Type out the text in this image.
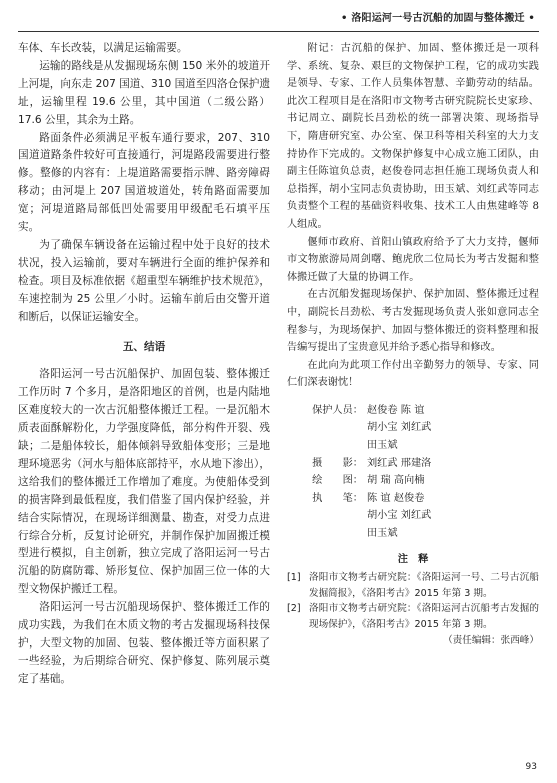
• 洛阳运河一号古沉船的加固与整体搬迁 •

车体、车长改装，以满足运输需要。

运输的路线是从发掘现场东侧 150 米外的坡道开上河堤，向东走 207 国道、310 国道至四洛仓保护遗址，运输里程 19.6 公里，其中国道（二级公路）17.6 公里，其余为土路。

路面条件必须满足平板车通行要求，207、310 国道道路条件较好可直接通行，河堤路段需要进行整修。整修的内容有：上堤道路需要指示牌、路旁障碍移动；由河堤上 207 国道坡道处，转角路面需要加宽；河堤道路局部低凹处需要用甲级配毛石填平压实。

为了确保车辆设备在运输过程中处于良好的技术状况，投入运输前，要对车辆进行全面的维护保养和检查。项目及标准依据《超重型车辆维护技术规范》，车速控制为 25 公里／小时。运输车前后由交警开道和断后，以保证运输安全。

五、结语

洛阳运河一号古沉船保护、加固包装、整体搬迁工作历时 7 个多月，是洛阳地区的首例，也是内陆地区难度较大的一次古沉船整体搬迁工程。一是沉船木质表面酥解粉化，力学强度降低，部分构件开裂、残缺；二是船体较长，船体倾斜导致船体变形；三是地理环境恶劣（河水与船体底部持平，水从地下渗出），这给我们的整体搬迁工作增加了难度。为使船体受到的损害降到最低程度，我们借鉴了国内保护经验，并结合实际情况，在现场详细测量、勘查，对受力点进行综合分析，反复讨论研究，并制作保护加固搬迁模型进行模拟，自主创新，独立完成了洛阳运河一号古沉船的防腐防霉、矫形复位、保护加固三位一体的大型文物保护搬迁工程。

洛阳运河一号古沉船现场保护、整体搬迁工作的成功实践，为我们在木质文物的考古发掘现场科技保护，大型文物的加固、包装、整体搬迁等方面积累了一些经验，为后期综合研究、保护修复、陈列展示奠定了基础。

附记：古沉船的保护、加固、整体搬迁是一项科学、系统、复杂、艰巨的文物保护工程，它的成功实践是领导、专家、工作人员集体智慧、辛勤劳动的结晶。此次工程项目是在洛阳市文物考古研究院院长史家珍、书记周立、副院长吕劲松的统一部署决策、现场指导下，隋唐研究室、办公室、保卫科等相关科室的大力支持协作下完成的。文物保护修复中心成立施工团队，由副主任陈谊负总责，赵俊卷同志担任施工现场负责人和总指挥，胡小宝同志负责协助，田玉斌、刘红武等同志负责整个工程的基础资料收集、技术工人由焦建峰等 8 人组成。

偃师市政府、首阳山镇政府给予了大力支持，偃师市文物旅游局周剑曙、鲍虎欣二位局长为考古发掘和整体搬迁做了大量的协调工作。

在古沉船发掘现场保护、保护加固、整体搬迁过程中，副院长吕劲松、考古发掘现场负责人张如意同志全程参与，为现场保护、加固与整体搬迁的资料整理和报告编写提出了宝贵意见并给予悉心指导和修改。

在此向为此项工作付出辛勤努力的领导、专家、同仁们深表谢忱！

保护人员： 赵俊卷 陈 谊
胡小宝 刘红武
田玉斌
摄　　影： 刘红武 邢建洛
绘　　图： 胡 瑞 高向楠
执　　笔： 陈 谊 赵俊卷
胡小宝 刘红武
田玉斌
注　释
[1] 洛阳市文物考古研究院：《洛阳运河一号、二号古沉船发掘简报》，《洛阳考古》2015 年第 3 期。
[2] 洛阳市文物考古研究院：《洛阳运河古沉船考古发掘的现场保护》，《洛阳考古》2015 年第 3 期。
（责任编辑：张西峰）
93
